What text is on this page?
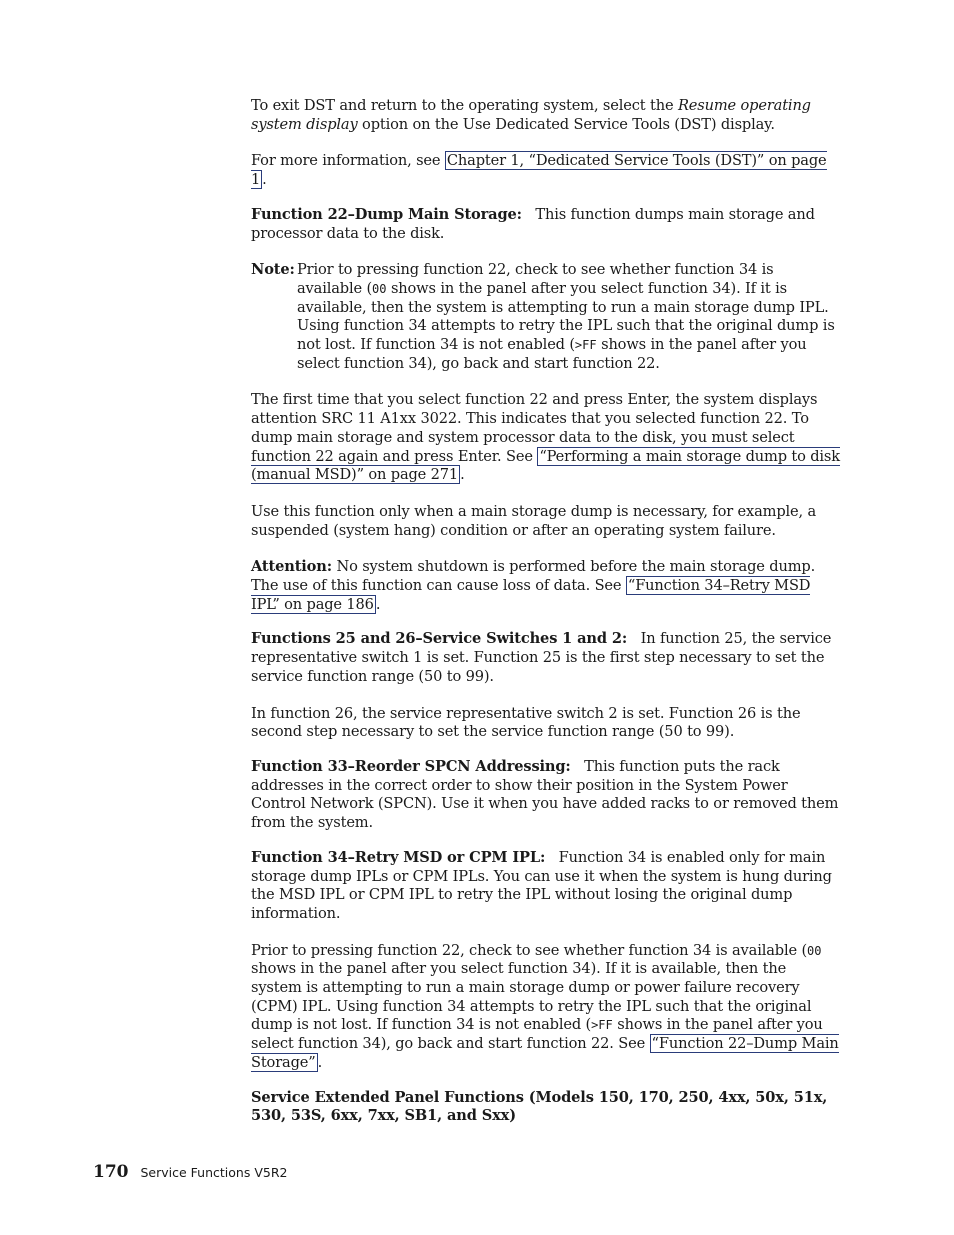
To exit DST and return to the operating system, select the Resume operating system display option on the Use Dedicated Service Tools (DST) display.

For more information, see Chapter 1, “Dedicated Service Tools (DST)” on page 1 .

Function 22–Dump Main Storage: This function dumps main storage and processor data to the disk.

Note: Prior to pressing function 22, check to see whether function 34 is available (00 shows in the panel after you select function 34). If it is available, then the system is attempting to run a main storage dump IPL. Using function 34 attempts to retry the IPL such that the original dump is not lost. If function 34 is not enabled (>FF shows in the panel after you select function 34), go back and start function 22.

The first time that you select function 22 and press Enter, the system displays attention SRC 11 A1xx 3022. This indicates that you selected function 22. To dump main storage and system processor data to the disk, you must select function 22 again and press Enter. See “Performing a main storage dump to disk (manual MSD)” on page 271 .

Use this function only when a main storage dump is necessary, for example, a suspended (system hang) condition or after an operating system failure.

Attention: No system shutdown is performed before the main storage dump. The use of this function can cause loss of data. See “Function 34–Retry MSD IPL” on page 186 .

Functions 25 and 26–Service Switches 1 and 2: In function 25, the service representative switch 1 is set. Function 25 is the first step necessary to set the service function range (50 to 99).

In function 26, the service representative switch 2 is set. Function 26 is the second step necessary to set the service function range (50 to 99).

Function 33–Reorder SPCN Addressing: This function puts the rack addresses in the correct order to show their position in the System Power Control Network (SPCN). Use it when you have added racks to or removed them from the system.

Function 34–Retry MSD or CPM IPL: Function 34 is enabled only for main storage dump IPLs or CPM IPLs. You can use it when the system is hung during the MSD IPL or CPM IPL to retry the IPL without losing the original dump information.

Prior to pressing function 22, check to see whether function 34 is available (00 shows in the panel after you select function 34). If it is available, then the system is attempting to run a main storage dump or power failure recovery (CPM) IPL. Using function 34 attempts to retry the IPL such that the original dump is not lost. If function 34 is not enabled (>FF shows in the panel after you select function 34), go back and start function 22. See “Function 22–Dump Main Storage” .

Service Extended Panel Functions (Models 150, 170, 250, 4xx, 50x, 51x, 530, 53S, 6xx, 7xx, SB1, and Sxx)

170 Service Functions V5R2
